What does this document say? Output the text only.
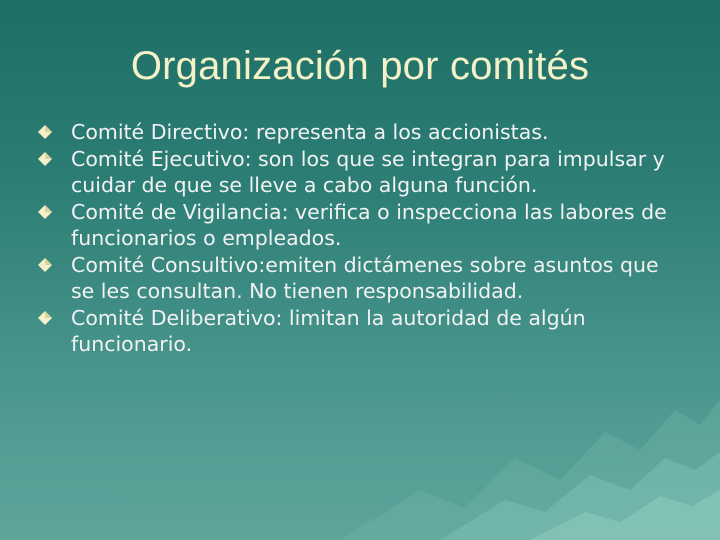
Organización por comités
Comité Directivo: representa a los accionistas.
Comité Ejecutivo: son los que se integran para impulsar y cuidar de que se lleve a cabo alguna función.
Comité de Vigilancia: verifica o inspecciona las labores de funcionarios o empleados.
Comité Consultivo:emiten dictámenes sobre asuntos que se les consultan. No tienen responsabilidad.
Comité Deliberativo: limitan la autoridad de algún funcionario.
